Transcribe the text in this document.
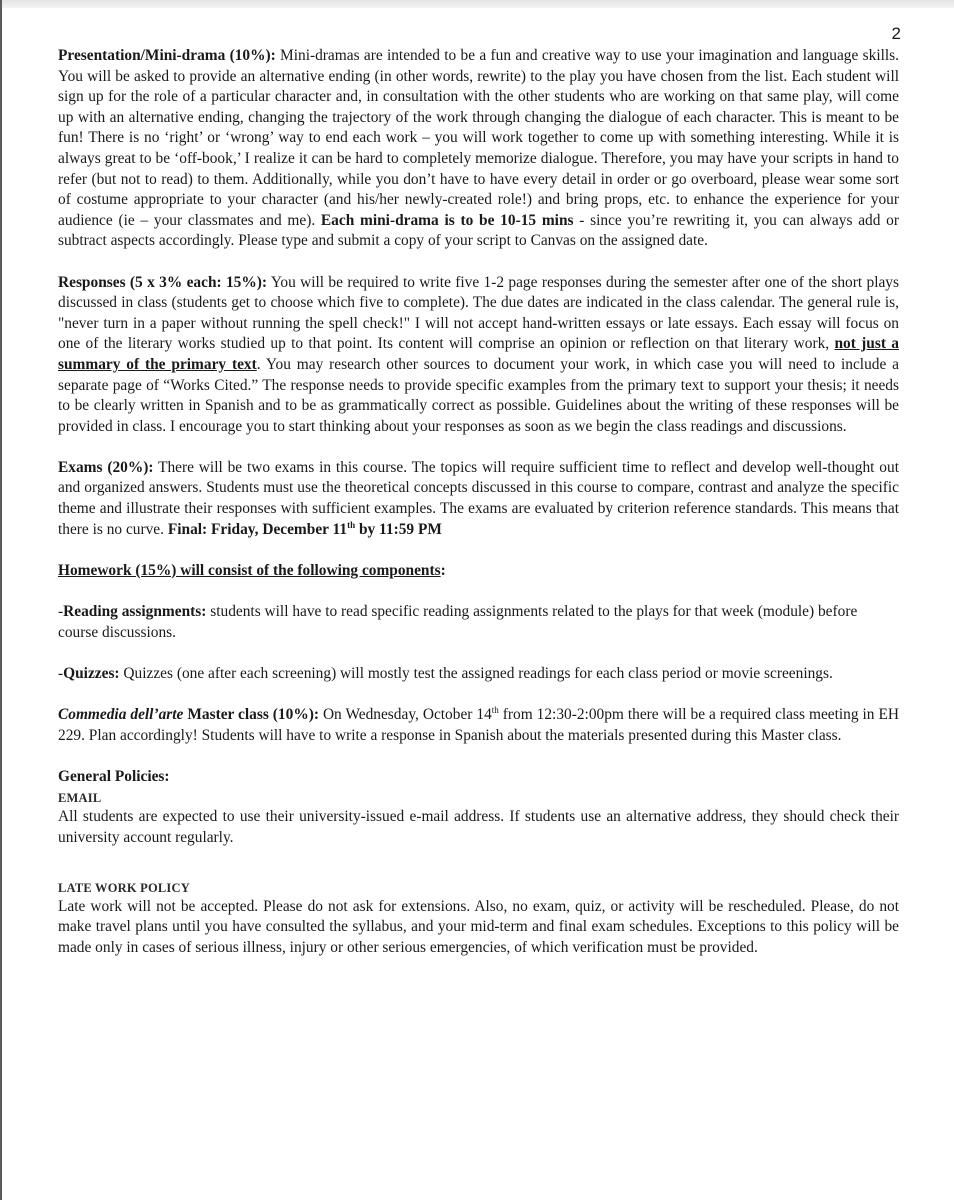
2

Presentation/Mini-drama (10%): Mini-dramas are intended to be a fun and creative way to use your imagination and language skills. You will be asked to provide an alternative ending (in other words, rewrite) to the play you have chosen from the list. Each student will sign up for the role of a particular character and, in consultation with the other students who are working on that same play, will come up with an alternative ending, changing the trajectory of the work through changing the dialogue of each character. This is meant to be fun! There is no ‘right’ or ‘wrong’ way to end each work – you will work together to come up with something interesting. While it is always great to be ‘off-book,’ I realize it can be hard to completely memorize dialogue. Therefore, you may have your scripts in hand to refer (but not to read) to them. Additionally, while you don’t have to have every detail in order or go overboard, please wear some sort of costume appropriate to your character (and his/her newly-created role!) and bring props, etc. to enhance the experience for your audience (ie – your classmates and me). Each mini-drama is to be 10-15 mins - since you’re rewriting it, you can always add or subtract aspects accordingly. Please type and submit a copy of your script to Canvas on the assigned date.

Responses (5 x 3% each: 15%): You will be required to write five 1-2 page responses during the semester after one of the short plays discussed in class (students get to choose which five to complete). The due dates are indicated in the class calendar. The general rule is, "never turn in a paper without running the spell check!" I will not accept hand-written essays or late essays. Each essay will focus on one of the literary works studied up to that point. Its content will comprise an opinion or reflection on that literary work, not just a summary of the primary text. You may research other sources to document your work, in which case you will need to include a separate page of “Works Cited.” The response needs to provide specific examples from the primary text to support your thesis; it needs to be clearly written in Spanish and to be as grammatically correct as possible. Guidelines about the writing of these responses will be provided in class. I encourage you to start thinking about your responses as soon as we begin the class readings and discussions.

Exams (20%): There will be two exams in this course. The topics will require sufficient time to reflect and develop well-thought out and organized answers. Students must use the theoretical concepts discussed in this course to compare, contrast and analyze the specific theme and illustrate their responses with sufficient examples. The exams are evaluated by criterion reference standards. This means that there is no curve. Final: Friday, December 11th by 11:59 PM

Homework (15%) will consist of the following components:

-Reading assignments: students will have to read specific reading assignments related to the plays for that week (module) before course discussions.

-Quizzes: Quizzes (one after each screening) will mostly test the assigned readings for each class period or movie screenings.

Commedia dell’arte Master class (10%): On Wednesday, October 14th from 12:30-2:00pm there will be a required class meeting in EH 229. Plan accordingly! Students will have to write a response in Spanish about the materials presented during this Master class.

General Policies:

EMAIL

All students are expected to use their university-issued e-mail address. If students use an alternative address, they should check their university account regularly.

LATE WORK POLICY

Late work will not be accepted. Please do not ask for extensions. Also, no exam, quiz, or activity will be rescheduled. Please, do not make travel plans until you have consulted the syllabus, and your mid-term and final exam schedules. Exceptions to this policy will be made only in cases of serious illness, injury or other serious emergencies, of which verification must be provided.
